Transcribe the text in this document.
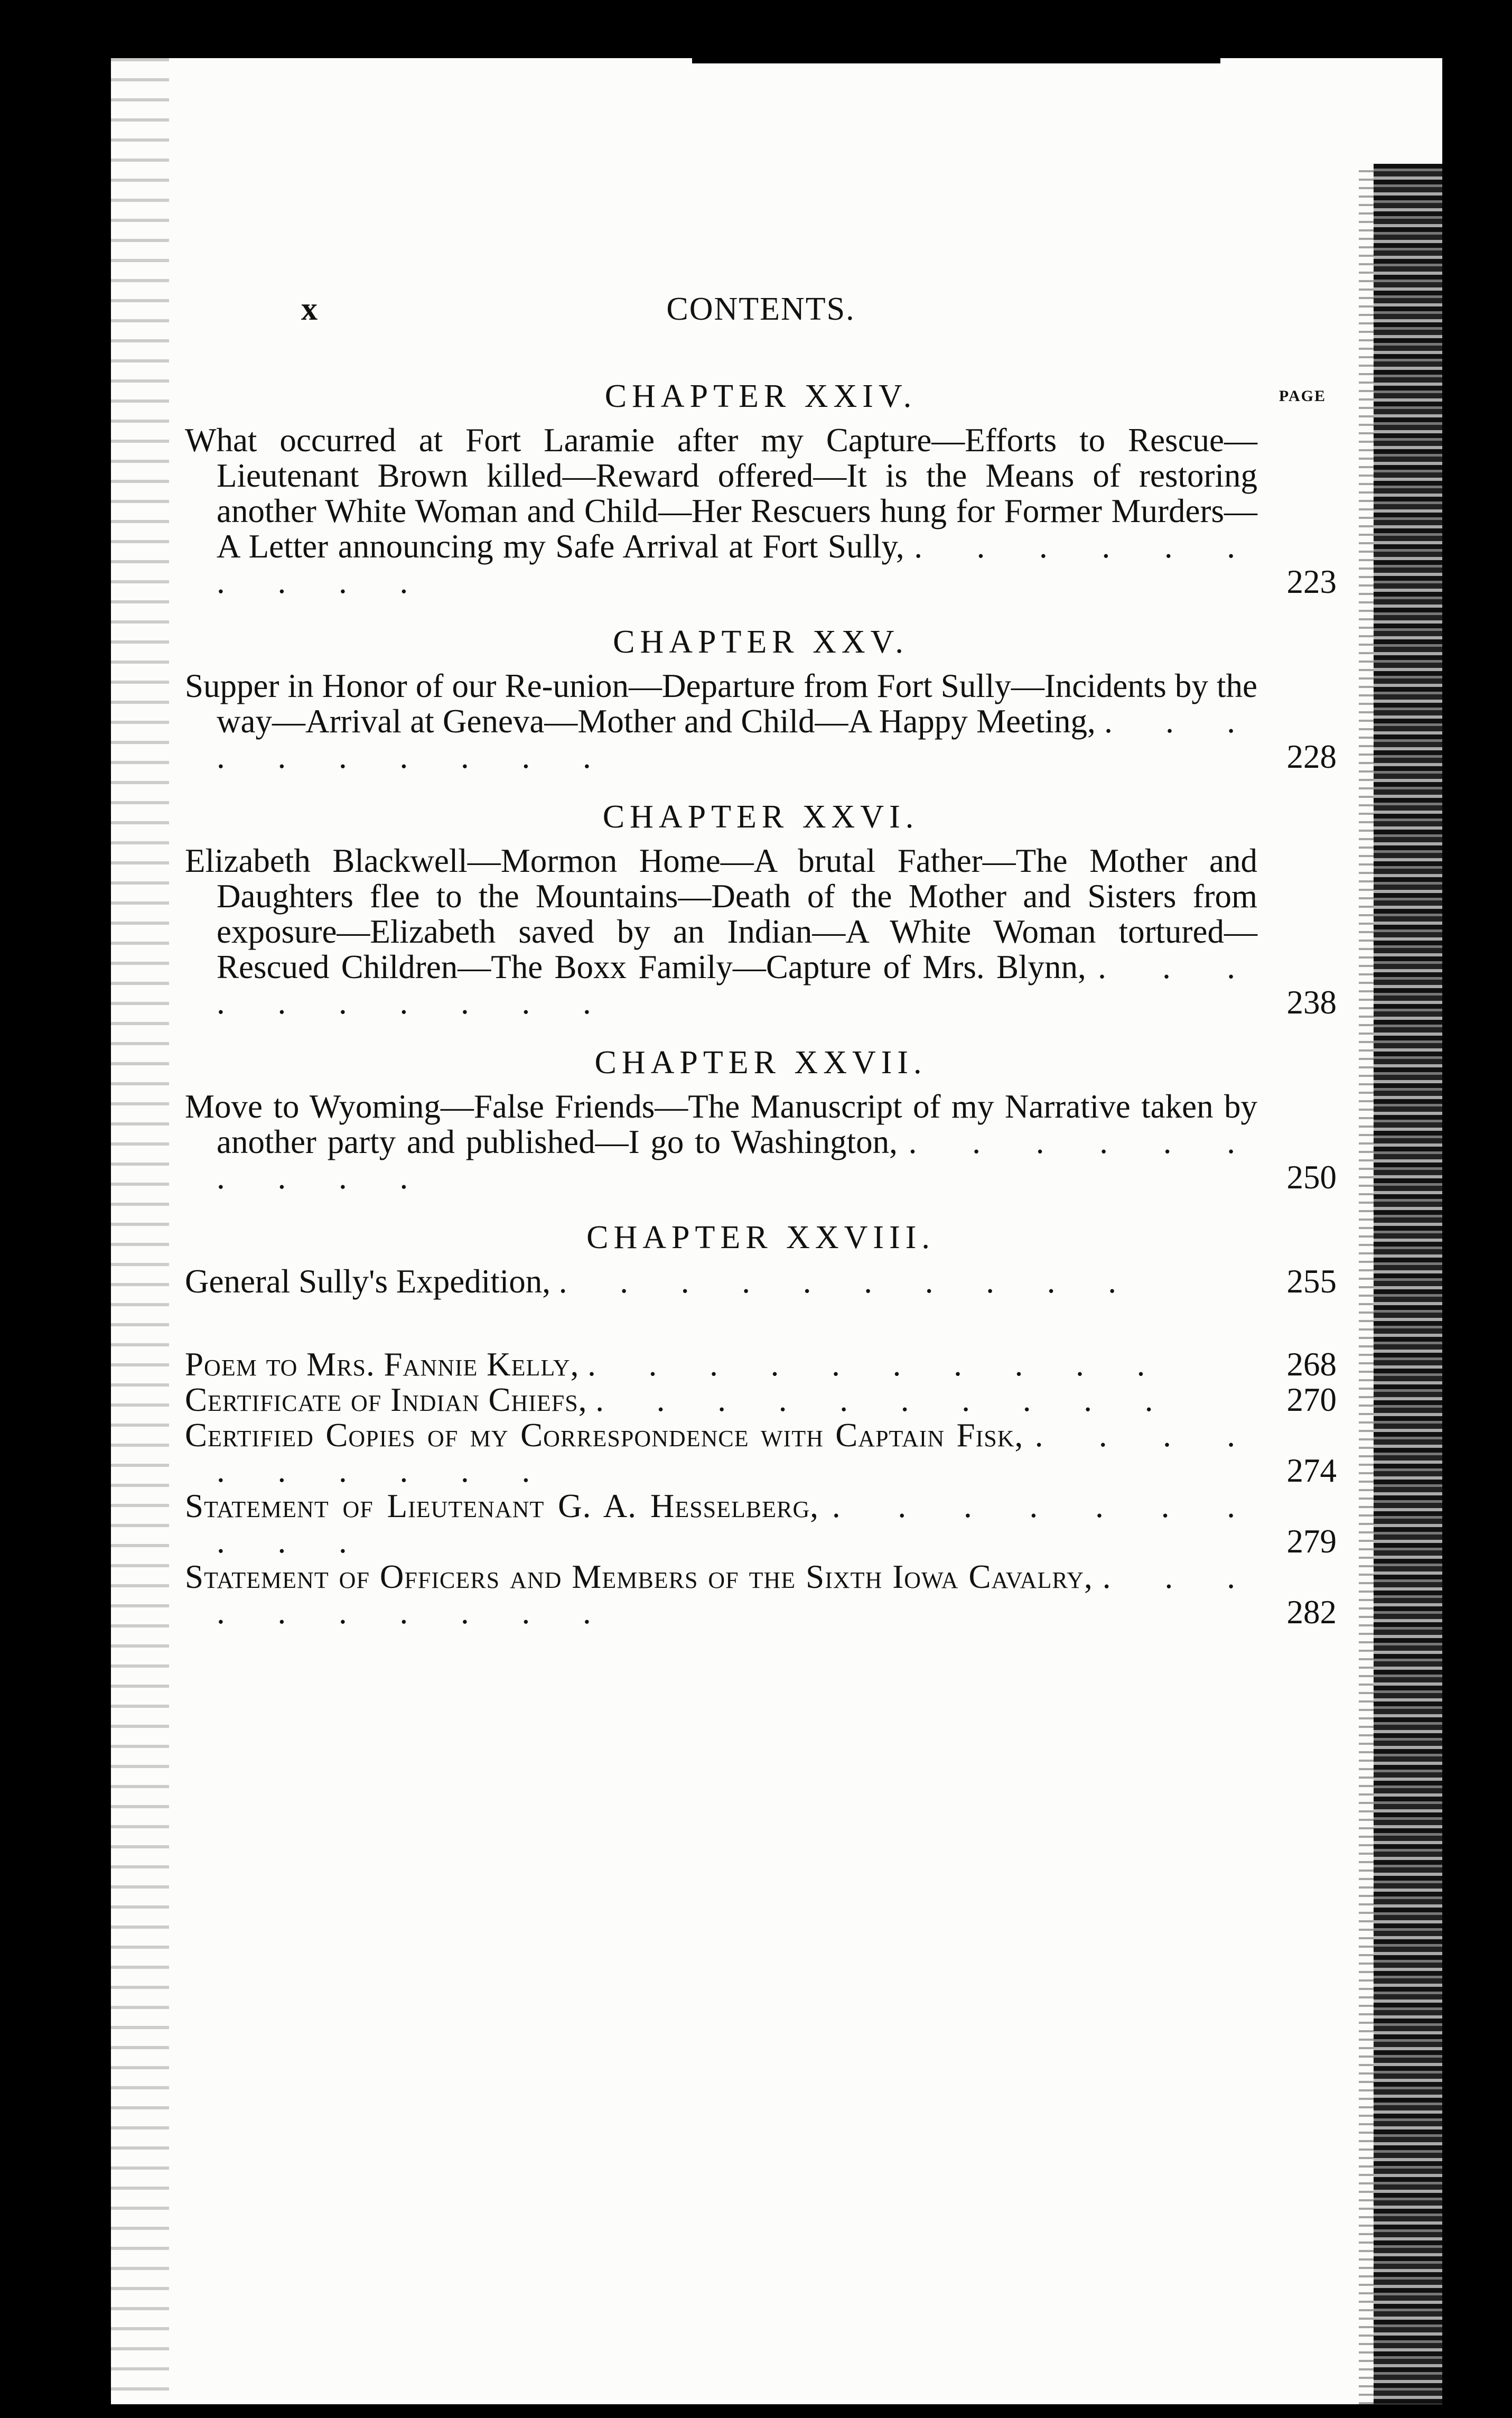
x	CONTENTS.
CHAPTER XXIV.	PAGE
What occurred at Fort Laramie after my Capture—Efforts to Rescue—Lieutenant Brown killed—Reward offered—It is the Means of restoring another White Woman and Child—Her Rescuers hung for Former Murders—A Letter announcing my Safe Arrival at Fort Sully, . . . . . . . . . .	223
CHAPTER XXV.
Supper in Honor of our Re-union—Departure from Fort Sully—Incidents by the way—Arrival at Geneva—Mother and Child—A Happy Meeting, . . . . . . . . . .	228
CHAPTER XXVI.
Elizabeth Blackwell—Mormon Home—A brutal Father—The Mother and Daughters flee to the Mountains—Death of the Mother and Sisters from exposure—Elizabeth saved by an Indian—A White Woman tortured—Rescued Children—The Boxx Family—Capture of Mrs. Blynn, . . . . . . . . . .	238
CHAPTER XXVII.
Move to Wyoming—False Friends—The Manuscript of my Narrative taken by another party and published—I go to Washington, . . . . . . . . . .	250
CHAPTER XXVIII.
General Sully's Expedition, . . . . . . . . . .	255
Poem to Mrs. Fannie Kelly, . . . . . . . . . .	268
Certificate of Indian Chiefs, . . . . . . . . . .	270
Certified Copies of my Correspondence with Captain Fisk, . . . . . . . . . .	274
Statement of Lieutenant G. A. Hesselberg, . . . . . . . . . .	279
Statement of Officers and Members of the Sixth Iowa Cavalry, . . . . . . . . . .	282
